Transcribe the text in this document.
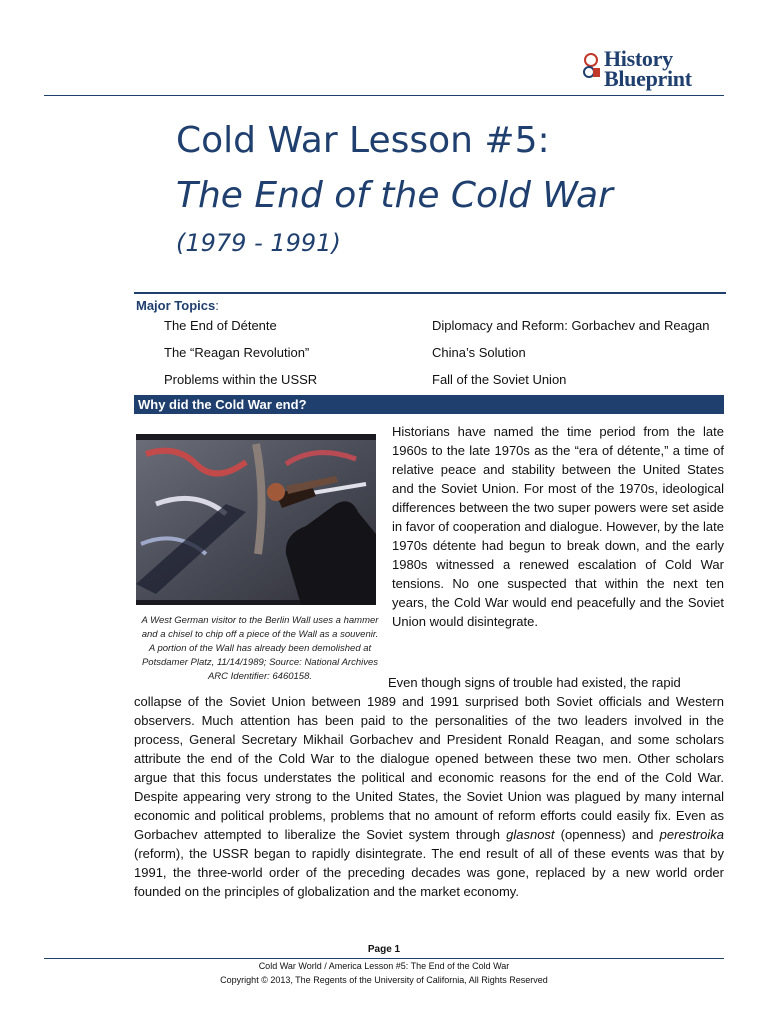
History
Blueprint
Cold War Lesson #5:
The End of the Cold War
(1979 - 1991)
Major Topics:
The End of Détente
The “Reagan Revolution”
Problems within the USSR
Diplomacy and Reform: Gorbachev and Reagan
China’s Solution
Fall of the Soviet Union
Why did the Cold War end?
A West German visitor to the Berlin Wall uses a hammer and a chisel to chip off a piece of the Wall as a souvenir. A portion of the Wall has already been demolished at Potsdamer Platz, 11/14/1989; Source: National Archives ARC Identifier: 6460158.
Historians have named the time period from the late 1960s to the late 1970s as the “era of détente,” a time of relative peace and stability between the United States and the Soviet Union. For most of the 1970s, ideological differences between the two super powers were set aside in favor of cooperation and dialogue. However, by the late 1970s détente had begun to break down, and the early 1980s witnessed a renewed escalation of Cold War tensions. No one suspected that within the next ten years, the Cold War would end peacefully and the Soviet Union would disintegrate.
Even though signs of trouble had existed, the rapid
collapse of the Soviet Union between 1989 and 1991 surprised both Soviet officials and Western observers. Much attention has been paid to the personalities of the two leaders involved in the process, General Secretary Mikhail Gorbachev and President Ronald Reagan, and some scholars attribute the end of the Cold War to the dialogue opened between these two men. Other scholars argue that this focus understates the political and economic reasons for the end of the Cold War. Despite appearing very strong to the United States, the Soviet Union was plagued by many internal economic and political problems, problems that no amount of reform efforts could easily fix. Even as Gorbachev attempted to liberalize the Soviet system through glasnost (openness) and perestroika (reform), the USSR began to rapidly disintegrate. The end result of all of these events was that by 1991, the three-world order of the preceding decades was gone, replaced by a new world order founded on the principles of globalization and the market economy.
Page 1
Cold War World / America Lesson #5: The End of the Cold War
Copyright © 2013, The Regents of the University of California, All Rights Reserved
